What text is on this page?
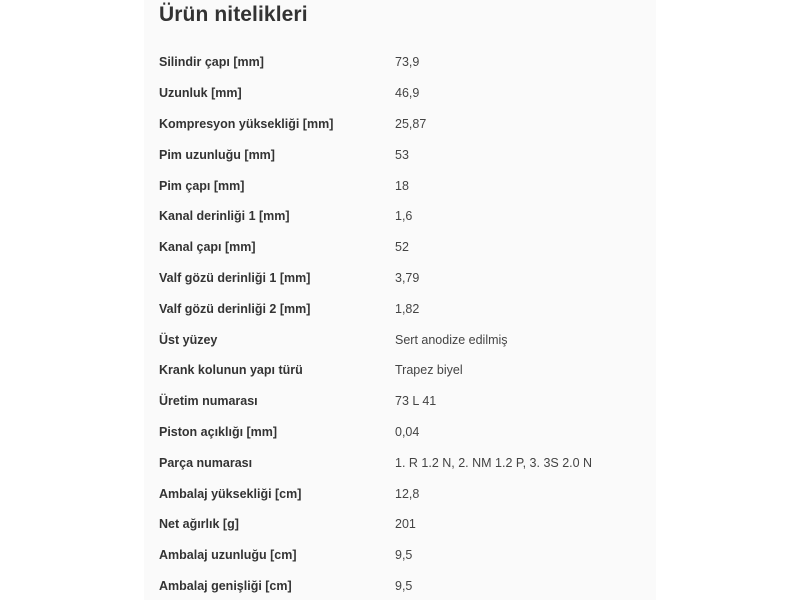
Ürün nitelikleri
Silindir çapı [mm]	73,9
Uzunluk [mm]	46,9
Kompresyon yüksekliği [mm]	25,87
Pim uzunluğu [mm]	53
Pim çapı [mm]	18
Kanal derinliği 1 [mm]	1,6
Kanal çapı [mm]	52
Valf gözü derinliği 1 [mm]	3,79
Valf gözü derinliği 2 [mm]	1,82
Üst yüzey	Sert anodize edilmiş
Krank kolunun yapı türü	Trapez biyel
Üretim numarası	73 L 41
Piston açıklığı [mm]	0,04
Parça numarası	1. R 1.2 N, 2. NM 1.2 P, 3. 3S 2.0 N
Ambalaj yüksekliği [cm]	12,8
Net ağırlık [g]	201
Ambalaj uzunluğu [cm]	9,5
Ambalaj genişliği [cm]	9,5
